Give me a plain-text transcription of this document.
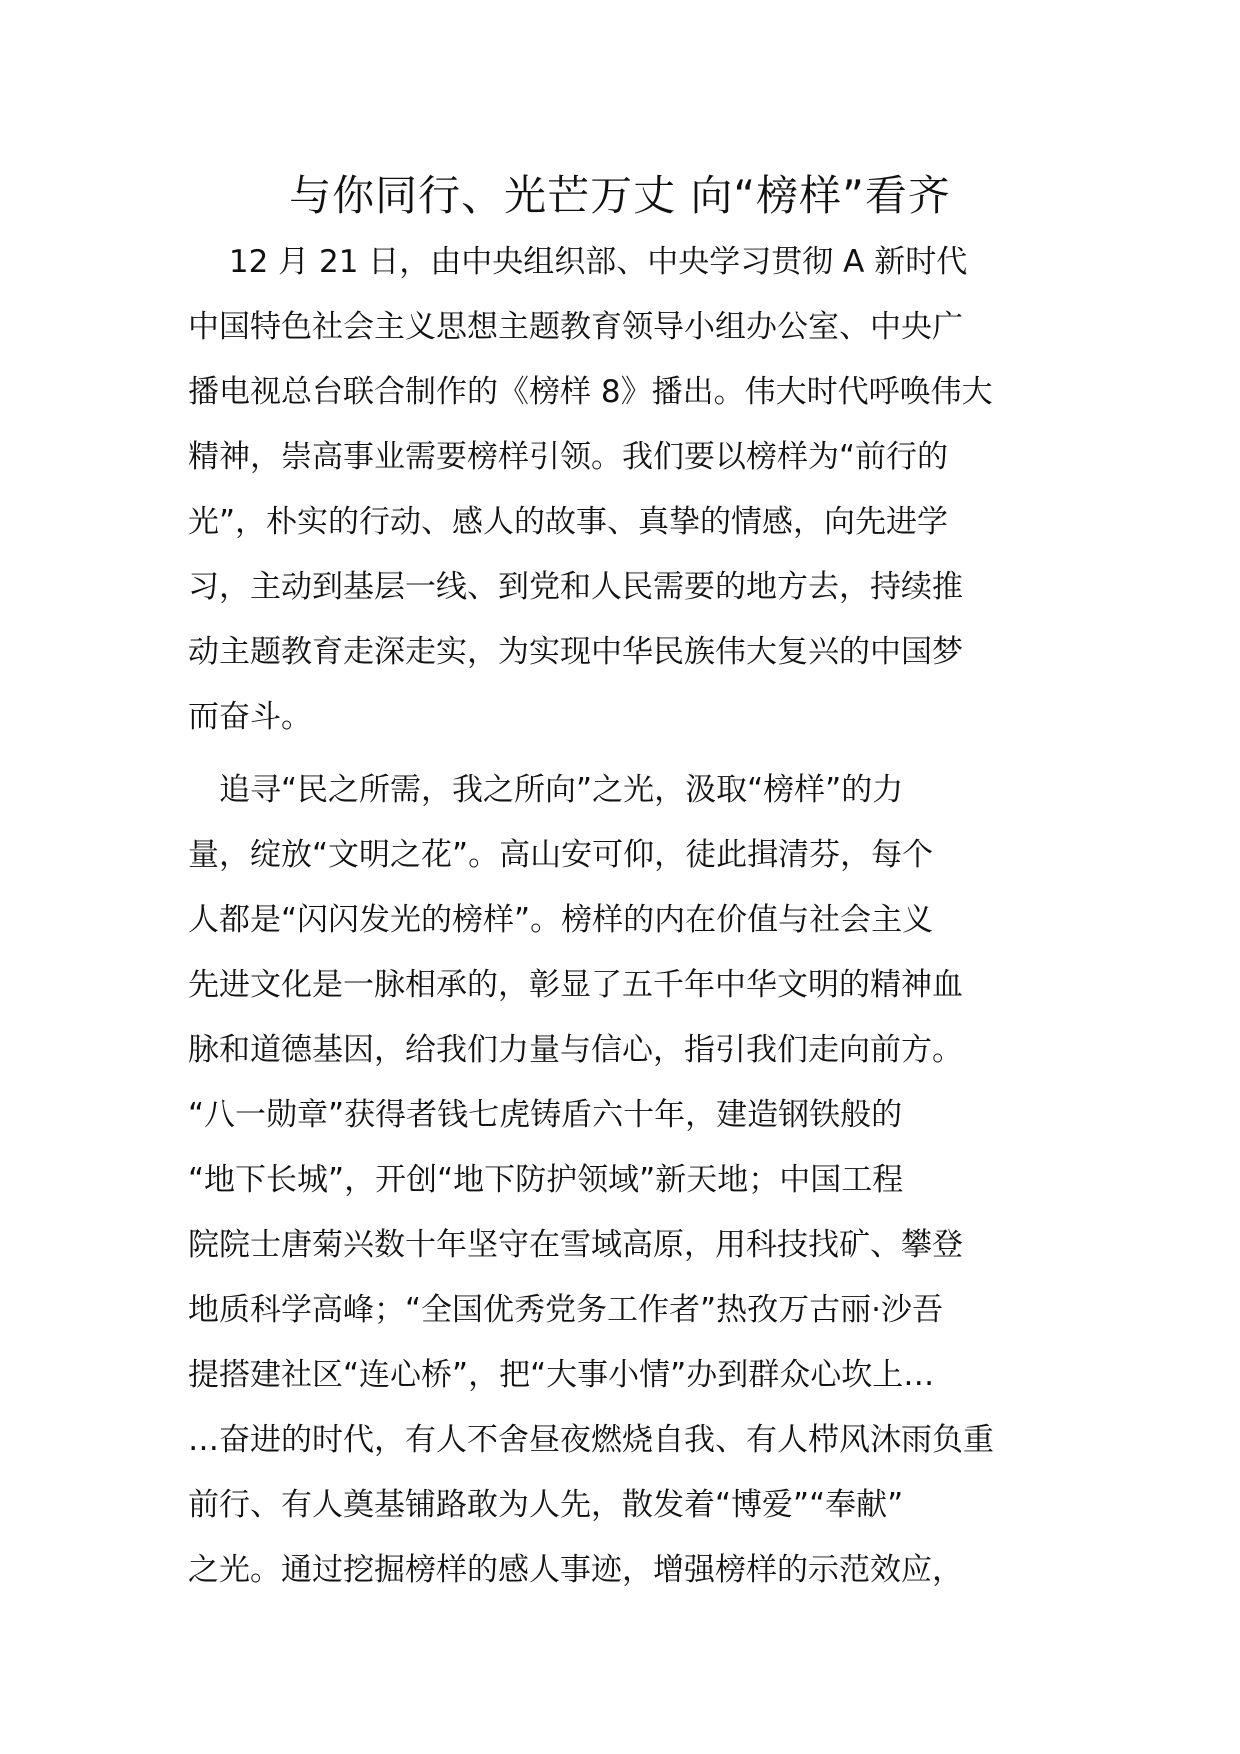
与你同行、光芒万丈 向“榜样”看齐

　 12 月 21 日，由中央组织部、中央学习贯彻 A 新时代

中国特色社会主义思想主题教育领导小组办公室、中央广

播电视总台联合制作的《榜样 8》播出。伟大时代呼唤伟大

精神，崇高事业需要榜样引领。我们要以榜样为“前行的

光”，朴实的行动、感人的故事、真挚的情感，向先进学

习，主动到基层一线、到党和人民需要的地方去，持续推

动主题教育走深走实，为实现中华民族伟大复兴的中国梦

而奋斗。

　追寻“民之所需，我之所向”之光，汲取“榜样”的力

量，绽放“文明之花”。高山安可仰，徒此揖清芬，每个

人都是“闪闪发光的榜样”。榜样的内在价值与社会主义

先进文化是一脉相承的，彰显了五千年中华文明的精神血

脉和道德基因，给我们力量与信心，指引我们走向前方。

“八一勋章”获得者钱七虎铸盾六十年，建造钢铁般的

“地下长城”，开创“地下防护领域”新天地；中国工程

院院士唐菊兴数十年坚守在雪域高原，用科技找矿、攀登

地质科学高峰；“全国优秀党务工作者”热孜万古丽·沙吾

提搭建社区“连心桥”，把“大事小情”办到群众心坎上…

…奋进的时代，有人不舍昼夜燃烧自我、有人栉风沐雨负重

前行、有人奠基铺路敢为人先，散发着“博爱”“奉献”

之光。通过挖掘榜样的感人事迹，增强榜样的示范效应，
